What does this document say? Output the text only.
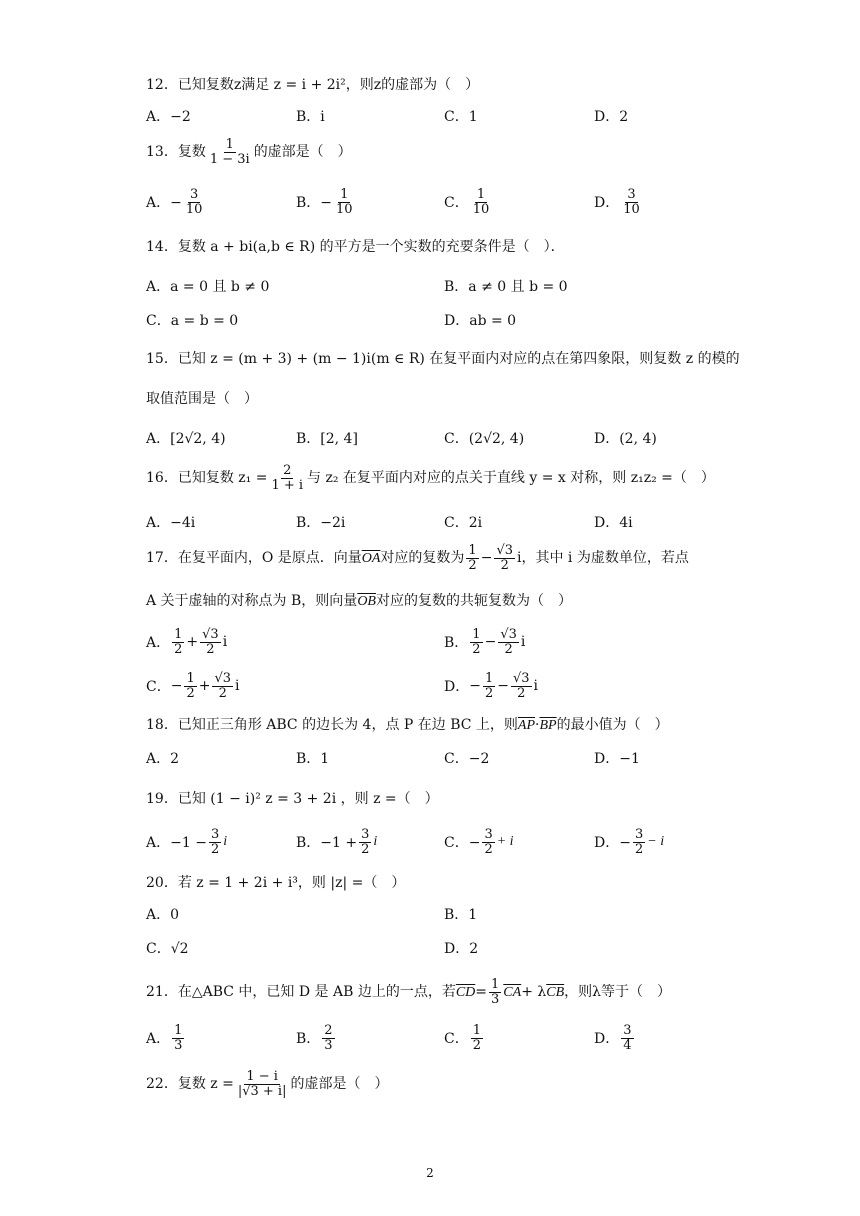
12．已知复数z满足 z = i + 2i²，则z的虚部为（　）
A．−2	B．i	C．1	D．2
13．复数 $\frac{1}{1 - 3i}$ 的虚部是（　）
A．− $\frac{3}{10}$	B．− $\frac{1}{10}$	C． $\frac{1}{10}$	D． $\frac{3}{10}$
14．复数 a + bi(a,b ∈ R) 的平方是一个实数的充要条件是（　）．
A．a = 0 且 b ≠ 0	B．a ≠ 0 且 b = 0
C．a = b = 0	D．ab = 0
15．已知 z = (m + 3) + (m − 1)i(m ∈ R) 在复平面内对应的点在第四象限，则复数 z 的模的
取值范围是（　）
A．[2√2, 4)	B．[2, 4]	C．(2√2, 4)	D．(2, 4)
16．已知复数 $z_1 = \frac{2}{1 + i}$ 与 z₂ 在复平面内对应的点关于直线 y = x 对称，则 z₁z₂ =（　）
A．−4i	B．−2i	C．2i	D．4i
17．在复平面内，O 是原点．向量$\overline{OA}$对应的复数为 $\frac{1}{2} - \frac{√3}{2}$ i，其中 i 为虚数单位，若点
A 关于虚轴的对称点为 B，则向量$\overline{OB}$对应的复数的共轭复数为（　）
A． $\frac{1}{2} + \frac{√3}{2}$ i	B． $\frac{1}{2} - \frac{√3}{2}$ i
C． − $\frac{1}{2} + \frac{√3}{2}$ i	D． − $\frac{1}{2} - \frac{√3}{2}$ i
18．已知正三角形 ABC 的边长为 4，点 P 在边 BC 上，则$\overline{AP}\cdot\overline{BP}$的最小值为（　）
A．2	B．1	C．−2	D．−1
19．已知 (1 − i)² z = 3 + 2i ，则 z =（　）
A．$-1 - \frac{3}{2}$ i	B．$-1 + \frac{3}{2}$ i	C．− $\frac{3}{2} + i$	D．− $\frac{3}{2} - i$
20．若 z = 1 + 2i + i³，则 |z| =（　）
A．0	B．1
C．√2	D．2
21．在△ABC 中，已知 D 是 AB 边上的一点，若$\overline{CD}= \frac{1}{3} \overline{CA}+ \lambda\overline{CB}$，则λ等于（　）
A． $\frac{1}{3}$	B． $\frac{2}{3}$	C． $\frac{1}{2}$	D． $\frac{3}{4}$
22．复数 $z = \frac{1 - i}{|√3 + i|}$ 的虚部是（　）
2
